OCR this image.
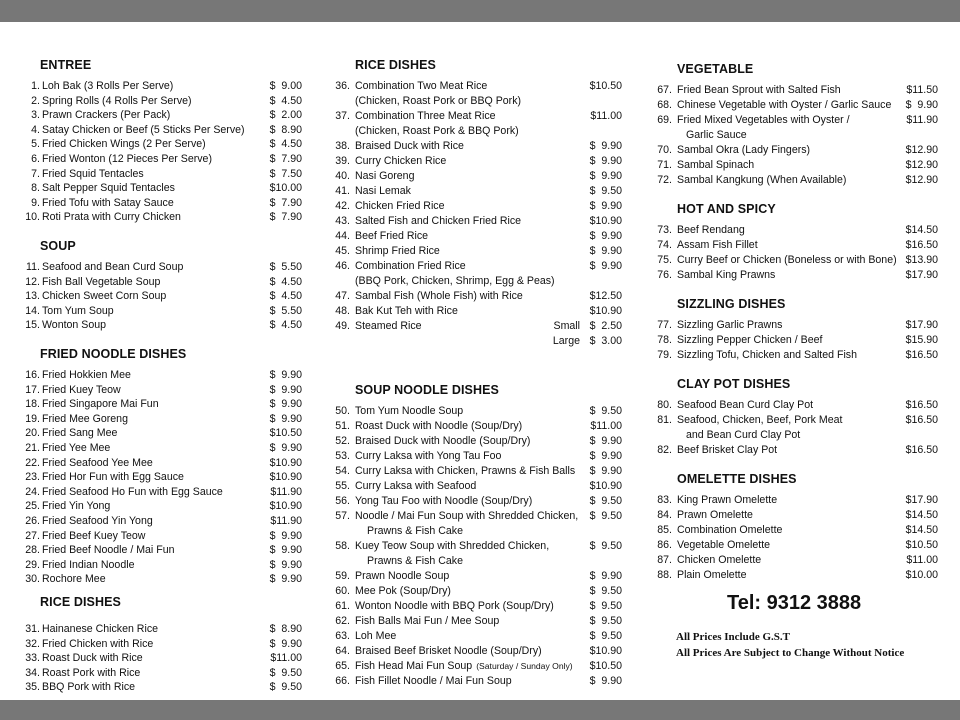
ENTREE
1. Loh Bak (3 Rolls Per Serve)	$  9.00
2. Spring Rolls (4 Rolls Per Serve)	$  4.50
3. Prawn Crackers (Per Pack)	$  2.00
4. Satay Chicken or Beef (5 Sticks Per Serve)	$  8.90
5. Fried Chicken Wings (2 Per Serve)	$  4.50
6. Fried Wonton (12 Pieces Per Serve)	$  7.90
7. Fried Squid Tentacles	$  7.50
8. Salt Pepper Squid Tentacles	$10.00
9. Fried Tofu with Satay Sauce	$  7.90
10. Roti Prata with Curry Chicken	$  7.90
SOUP
11. Seafood and Bean Curd Soup	$  5.50
12. Fish Ball Vegetable Soup	$  4.50
13. Chicken Sweet Corn Soup	$  4.50
14. Tom Yum Soup	$  5.50
15. Wonton Soup	$  4.50
FRIED NOODLE DISHES
16. Fried Hokkien Mee	$  9.90
17. Fried Kuey Teow	$  9.90
18. Fried Singapore Mai Fun	$  9.90
19. Fried Mee Goreng	$  9.90
20. Fried Sang Mee	$10.50
21. Fried Yee Mee	$  9.90
22. Fried Seafood Yee Mee	$10.90
23. Fried Hor Fun with Egg Sauce	$10.90
24. Fried Seafood Ho Fun with Egg Sauce	$11.90
25. Fried Yin Yong	$10.90
26. Fried Seafood Yin Yong	$11.90
27. Fried Beef Kuey Teow	$  9.90
28. Fried Beef Noodle / Mai Fun	$  9.90
29. Fried Indian Noodle	$  9.90
30. Rochore Mee	$  9.90
RICE DISHES
31. Hainanese Chicken Rice	$  8.90
32. Fried Chicken with Rice	$  9.90
33. Roast Duck with Rice	$11.00
34. Roast Pork with Rice	$  9.50
35. BBQ Pork with Rice	$  9.50
RICE DISHES
36. Combination Two Meat Rice	$10.50
(Chicken, Roast Pork or BBQ Pork)
37. Combination Three Meat Rice	$11.00
(Chicken, Roast Pork & BBQ Pork)
38. Braised Duck with Rice	$  9.90
39. Curry Chicken Rice	$  9.90
40. Nasi Goreng	$  9.90
41. Nasi Lemak	$  9.50
42. Chicken Fried Rice	$  9.90
43. Salted Fish and Chicken Fried Rice	$10.90
44. Beef Fried Rice	$  9.90
45. Shrimp Fried Rice	$  9.90
46. Combination Fried Rice	$  9.90
(BBQ Pork, Chicken, Shrimp, Egg & Peas)
47. Sambal Fish (Whole Fish) with Rice	$12.50
48. Bak Kut Teh with Rice	$10.90
49. Steamed Rice	Small $  2.50
Large $  3.00
SOUP NOODLE DISHES
50. Tom Yum Noodle Soup	$  9.50
51. Roast Duck with Noodle (Soup/Dry)	$11.00
52. Braised Duck with Noodle (Soup/Dry)	$  9.90
53. Curry Laksa with Yong Tau Foo	$  9.90
54. Curry Laksa with Chicken, Prawns & Fish Balls	$  9.90
55. Curry Laksa with Seafood	$10.90
56. Yong Tau Foo with Noodle (Soup/Dry)	$  9.50
57. Noodle / Mai Fun Soup with Shredded Chicken,	$  9.50
Prawns & Fish Cake
58. Kuey Teow Soup with Shredded Chicken,	$  9.50
Prawns & Fish Cake
59. Prawn Noodle Soup	$  9.90
60. Mee Pok (Soup/Dry)	$  9.50
61. Wonton Noodle with BBQ Pork (Soup/Dry)	$  9.50
62. Fish Balls Mai Fun / Mee Soup	$  9.50
63. Loh Mee	$  9.50
64. Braised Beef Brisket Noodle (Soup/Dry)	$10.90
65. Fish Head Mai Fun Soup (Saturday / Sunday Only)	$10.50
66. Fish Fillet Noodle / Mai Fun Soup	$  9.90
Tel: 9312 3888
All Prices Include G.S.T
All Prices Are Subject to Change Without Notice
VEGETABLE
67. Fried Bean Sprout with Salted Fish	$11.50
68. Chinese Vegetable with Oyster / Garlic Sauce	$  9.90
69. Fried Mixed Vegetables with Oyster /	$11.90
Garlic Sauce
70. Sambal Okra (Lady Fingers)	$12.90
71. Sambal Spinach	$12.90
72. Sambal Kangkung (When Available)	$12.90
HOT AND SPICY
73. Beef Rendang	$14.50
74. Assam Fish Fillet	$16.50
75. Curry Beef or Chicken (Boneless or with Bone) $13.90
76. Sambal King Prawns	$17.90
SIZZLING DISHES
77. Sizzling Garlic Prawns	$17.90
78. Sizzling Pepper Chicken / Beef	$15.90
79. Sizzling Tofu, Chicken and Salted Fish	$16.50
CLAY POT DISHES
80. Seafood Bean Curd Clay Pot	$16.50
81. Seafood, Chicken, Beef, Pork Meat	$16.50
and Bean Curd Clay Pot
82. Beef Brisket Clay Pot	$16.50
OMELETTE DISHES
83. King Prawn Omelette	$17.90
84. Prawn Omelette	$14.50
85. Combination Omelette	$14.50
86. Vegetable Omelette	$10.50
87. Chicken Omelette	$11.00
88. Plain Omelette	$10.00
